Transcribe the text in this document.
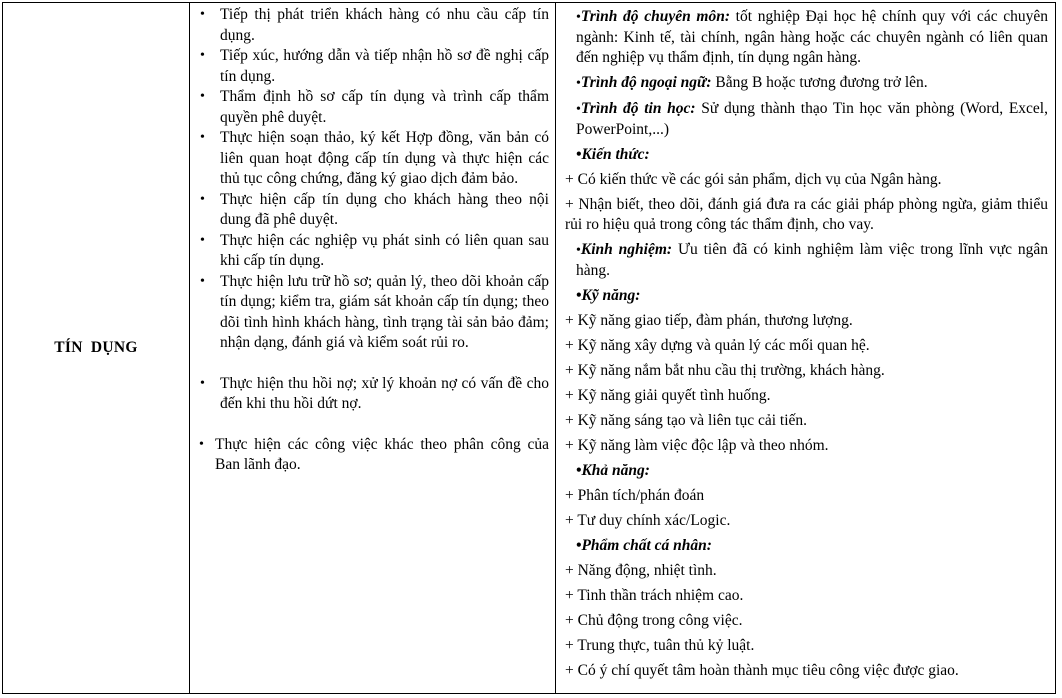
TÍN DỤNG
• Tiếp thị phát triển khách hàng có nhu cầu cấp tín dụng.
• Tiếp xúc, hướng dẫn và tiếp nhận hồ sơ đề nghị cấp tín dụng.
• Thẩm định hồ sơ cấp tín dụng và trình cấp thẩm quyền phê duyệt.
• Thực hiện soạn thảo, ký kết Hợp đồng, văn bản có liên quan hoạt động cấp tín dụng và thực hiện các thủ tục công chứng, đăng ký giao dịch đảm bảo.
• Thực hiện cấp tín dụng cho khách hàng theo nội dung đã phê duyệt.
• Thực hiện các nghiệp vụ phát sinh có liên quan sau khi cấp tín dụng.
• Thực hiện lưu trữ hồ sơ; quản lý, theo dõi khoản cấp tín dụng; kiểm tra, giám sát khoản cấp tín dụng; theo dõi tình hình khách hàng, tình trạng tài sản bảo đảm; nhận dạng, đánh giá và kiểm soát rủi ro.
• Thực hiện thu hồi nợ; xử lý khoản nợ có vấn đề cho đến khi thu hồi dứt nợ.
• Thực hiện các công việc khác theo phân công của Ban lãnh đạo.
•Trình độ chuyên môn: tốt nghiệp Đại học hệ chính quy với các chuyên ngành: Kinh tế, tài chính, ngân hàng hoặc các chuyên ngành có liên quan đến nghiệp vụ thẩm định, tín dụng ngân hàng.
•Trình độ ngoại ngữ: Bằng B hoặc tương đương trở lên.
•Trình độ tin học: Sử dụng thành thạo Tin học văn phòng (Word, Excel, PowerPoint,...)
•Kiến thức:
+ Có kiến thức về các gói sản phẩm, dịch vụ của Ngân hàng.
+ Nhận biết, theo dõi, đánh giá đưa ra các giải pháp phòng ngừa, giảm thiểu rủi ro hiệu quả trong công tác thẩm định, cho vay.
•Kinh nghiệm: Ưu tiên đã có kinh nghiệm làm việc trong lĩnh vực ngân hàng.
•Kỹ năng:
+ Kỹ năng giao tiếp, đàm phán, thương lượng.
+ Kỹ năng xây dựng và quản lý các mối quan hệ.
+ Kỹ năng nắm bắt nhu cầu thị trường, khách hàng.
+ Kỹ năng giải quyết tình huống.
+ Kỹ năng sáng tạo và liên tục cải tiến.
+ Kỹ năng làm việc độc lập và theo nhóm.
•Khả năng:
+ Phân tích/phán đoán
+ Tư duy chính xác/Logic.
•Phẩm chất cá nhân:
+ Năng động, nhiệt tình.
+ Tinh thần trách nhiệm cao.
+ Chủ động trong công việc.
+ Trung thực, tuân thủ kỷ luật.
+ Có ý chí quyết tâm hoàn thành mục tiêu công việc được giao.
